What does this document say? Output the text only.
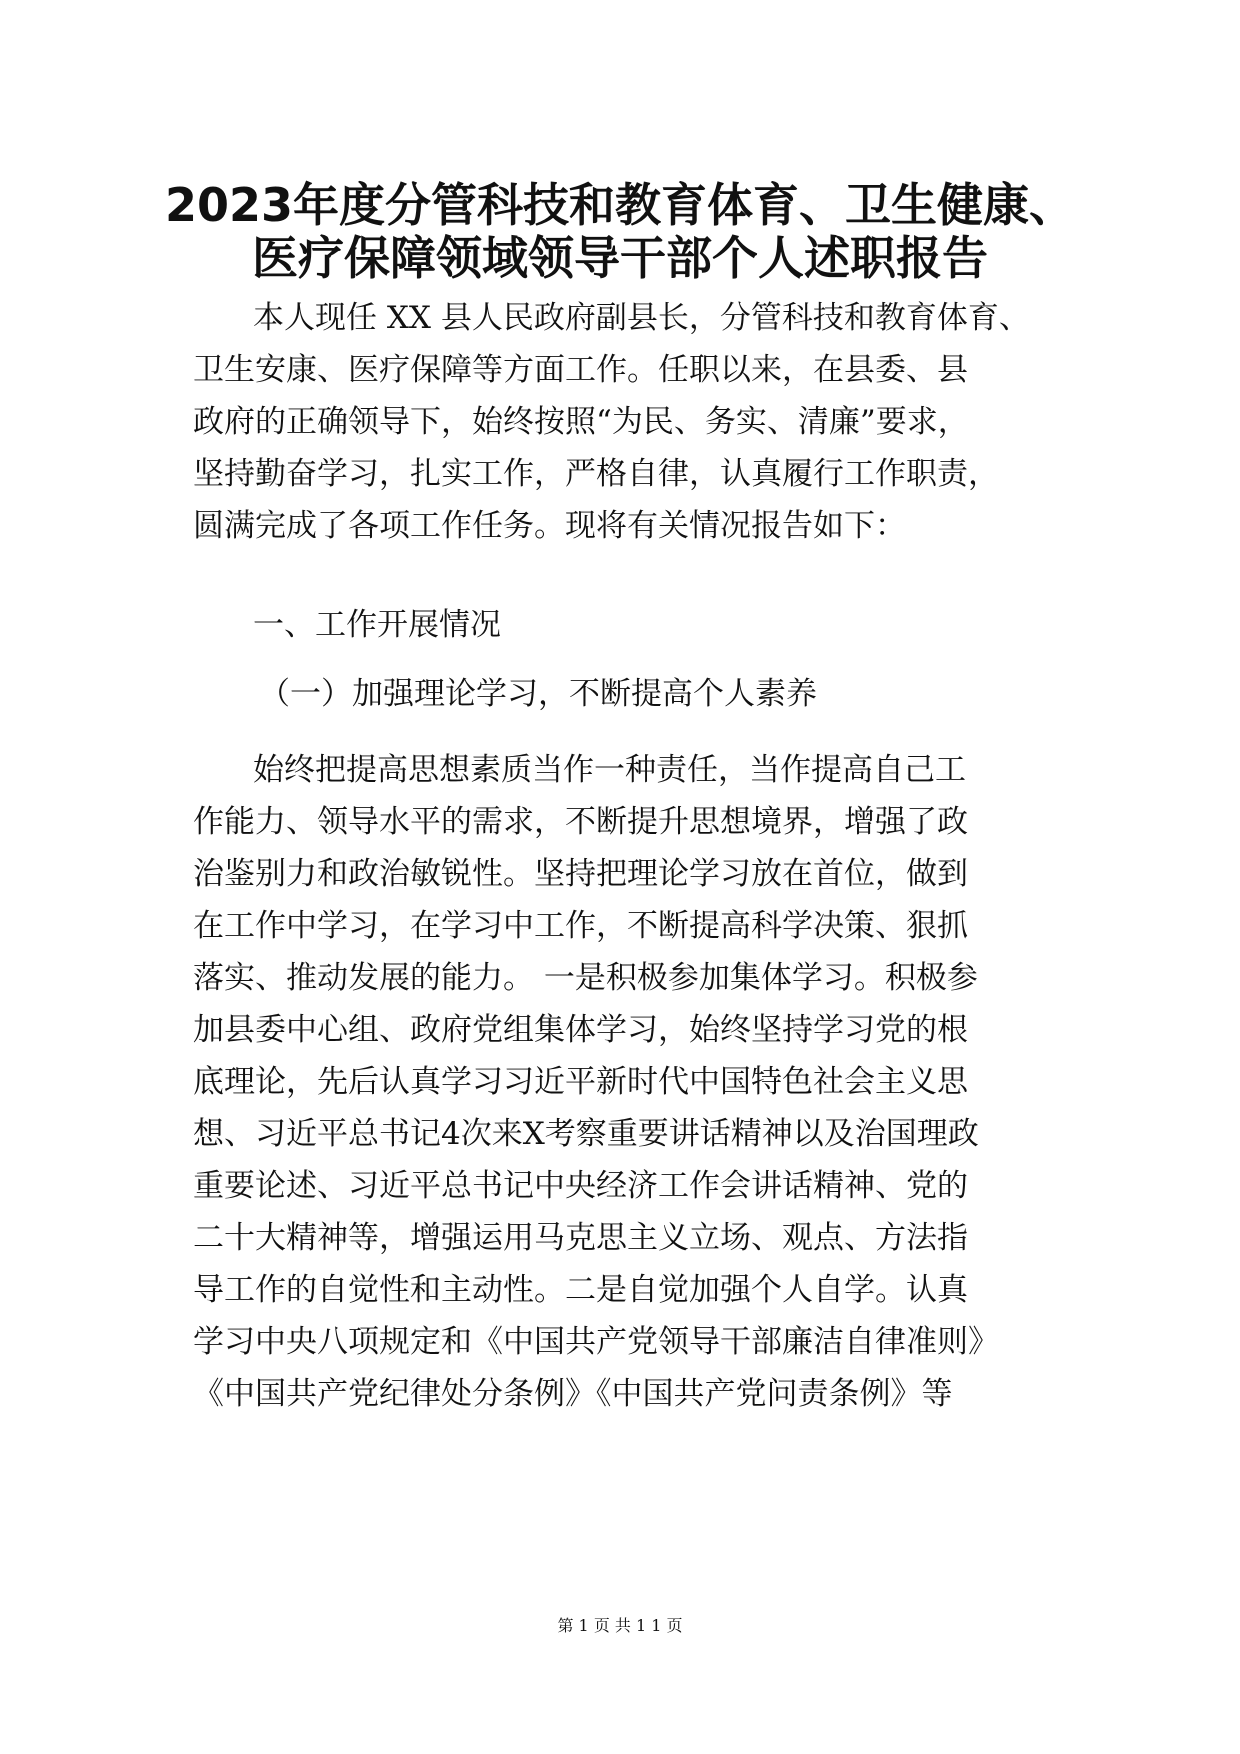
2023年度分管科技和教育体育、卫生健康、
医疗保障领域领导干部个人述职报告
本人现任 XX 县人民政府副县长，分管科技和教育体育、
卫生安康、医疗保障等方面工作。任职以来，在县委、县
政府的正确领导下，始终按照“为民、务实、清廉”要求，
坚持勤奋学习，扎实工作，严格自律，认真履行工作职责，
圆满完成了各项工作任务。现将有关情况报告如下：
一、工作开展情况
（一）加强理论学习，不断提高个人素养
始终把提高思想素质当作一种责任，当作提高自己工
作能力、领导水平的需求，不断提升思想境界，增强了政
治鉴别力和政治敏锐性。坚持把理论学习放在首位，做到
在工作中学习，在学习中工作，不断提高科学决策、狠抓
落实、推动发展的能力。 一是积极参加集体学习。积极参
加县委中心组、政府党组集体学习，始终坚持学习党的根
底理论，先后认真学习习近平新时代中国特色社会主义思
想、习近平总书记4次来X考察重要讲话精神以及治国理政
重要论述、习近平总书记中央经济工作会讲话精神、党的
二十大精神等，增强运用马克思主义立场、观点、方法指
导工作的自觉性和主动性。二是自觉加强个人自学。认真
学习中央八项规定和《中国共产党领导干部廉洁自律准则》
《中国共产党纪律处分条例》《中国共产党问责条例》等
第 1 页 共 1 1 页
